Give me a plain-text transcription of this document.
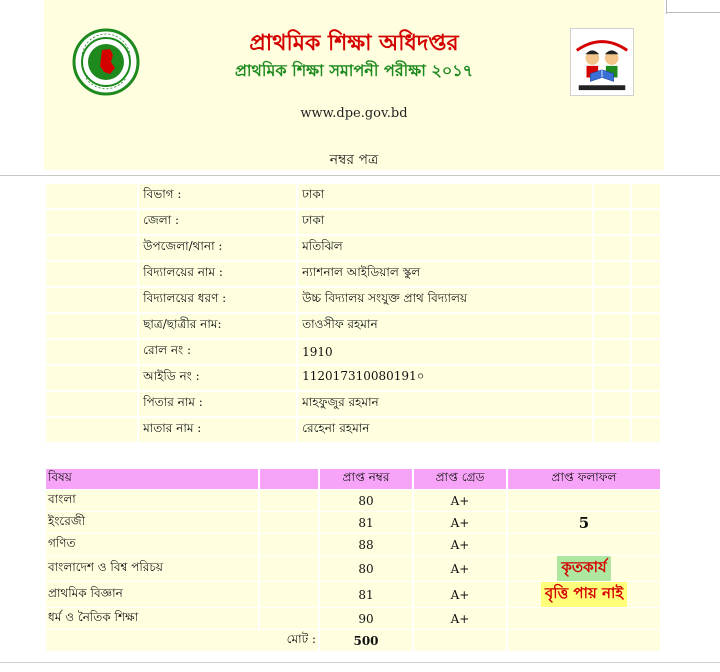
প্রাথমিক শিক্ষা অধিদপ্তর
প্রাথমিক শিক্ষা সমাপনী পরীক্ষা ২০১৭
www.dpe.gov.bd
নম্বর পত্র
	বিভাগ :	ঢাকা		
	জেলা :	ঢাকা		
	উপজেলা/থানা :	মতিঝিল		
	বিদ্যালয়ের নাম :	ন্যাশনাল আইডিয়াল স্কুল		
	বিদ্যালয়ের ধরণ :	উচ্চ বিদ্যালয় সংযুক্ত প্রাথ বিদ্যালয়		
	ছাত্র/ছাত্রীর নাম:	তাওসীফ রহমান		
	রোল নং :	1910		
	আইডি নং :	112017310080191০		
	পিতার নাম :	মাহফুজুর রহমান		
	মাতার নাম :	রেহেনা রহমান		
বিষয়		প্রাপ্ত নম্বর	প্রাপ্ত গ্রেড	প্রাপ্ত ফলাফল
বাংলা		80	A+	
ইংরেজী		81	A+	5
গণিত		88	A+	
বাংলাদেশ ও বিশ্ব পরিচয়		80	A+	কৃতকার্য
প্রাথমিক বিজ্ঞান		81	A+	বৃত্তি পায় নাই
ধর্ম ও নৈতিক শিক্ষা		90	A+	
মোট :		500		
